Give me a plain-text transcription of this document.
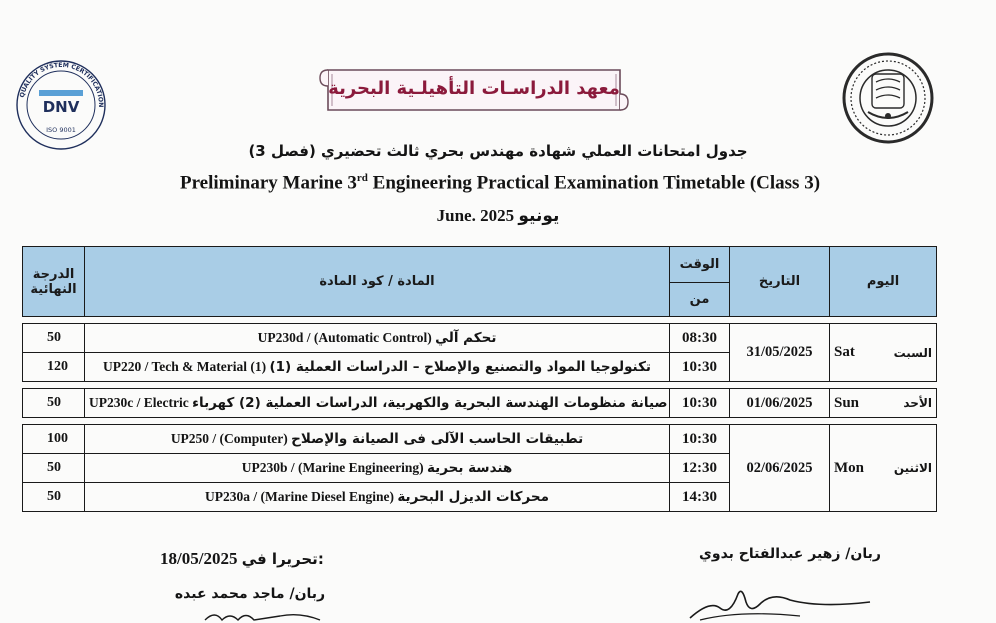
QUALITY SYSTEM CERTIFICATION
DNV
ISO 9001
معهد الدراسـات التأهيلـية البحرية
جدول امتحانات العملي شهادة مهندس بحري ثالث تحضيري (فصل 3)
Preliminary Marine 3rd Engineering Practical Examination Timetable (Class 3)
June. 2025 يونيو
الدرجة النهائية	المادة / كود المادة	الوقت	التاريخ	اليوم
		من		

50	UP230d / (Automatic Control) تحكم آلي	08:30	31/05/2025	Sat السبت

120	UP220 / Tech & Material (1) تكنولوجيا المواد والتصنيع والإصلاح – الدراسات العملية (1)	10:30		

50	UP230c / Electric صيانة منظومات الهندسة البحرية والكهربية، الدراسات العملية (2) كهرباء	10:30	01/06/2025	Sun الأحد

100	UP250 / (Computer) تطبيقات الحاسب الآلى فى الصيانة والإصلاح	10:30	02/06/2025	Mon الاثنين

50	UP230b / (Marine Engineering) هندسة بحرية	12:30		
50	UP230a / (Marine Diesel Engine) محركات الديزل البحرية	14:30		
18/05/2025 تحريرا في:
ربان/ ماجد محمد عبده
ربان/ زهير عبدالفتاح بدوي
